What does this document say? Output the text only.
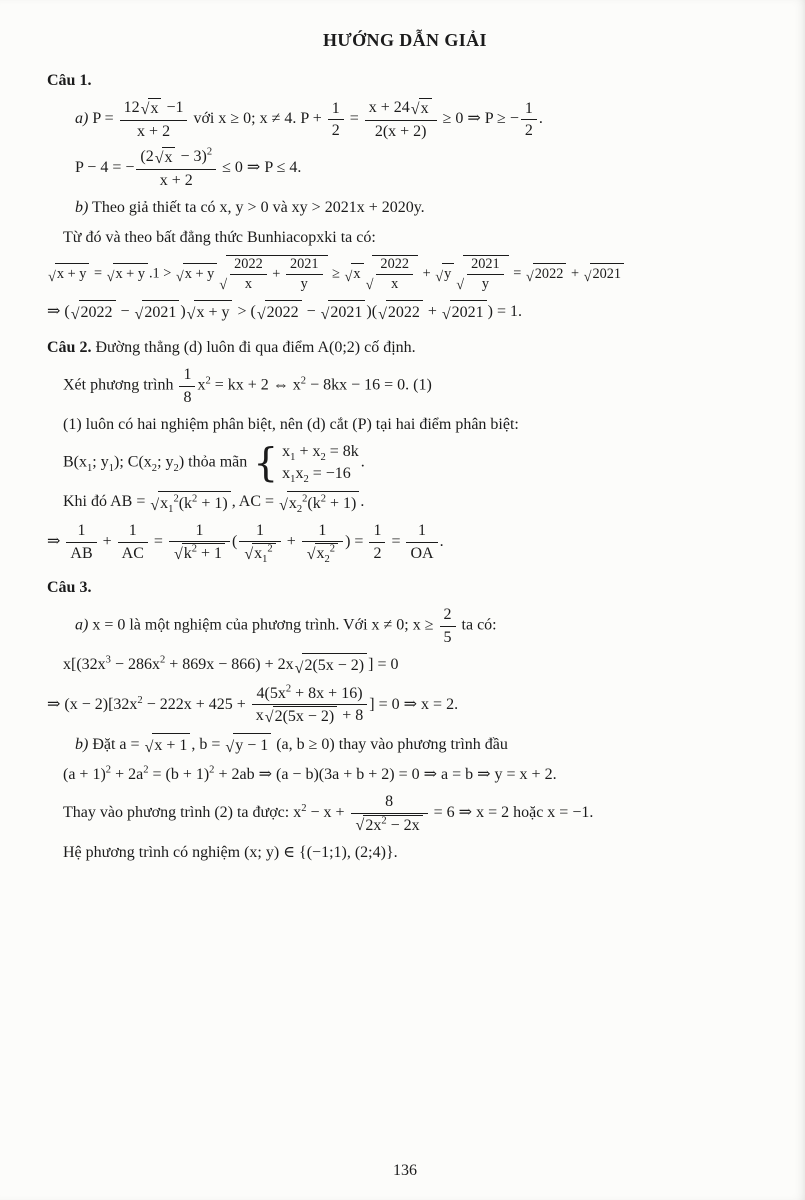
HƯỚNG DẪN GIẢI
Câu 1.
a) $P = \frac{12 √ x -1}{x + 2}$ với x ≥ 0; x ≠ 4. $P + \frac{1}{2} = \frac{x + 24 √ x}{2(x + 2)} \ge 0$ ⇒ P ≥ − $\frac{1}{2}$ .
P − 4 = − $\frac{(2 √ x - 3)^2}{x + 2} \le 0$ ⇒ P ≤ 4.
b) Theo giả thiết ta có x, y > 0 và xy > 2021x + 2020y.
Từ đó và theo bất đẳng thức Bunhiacopxki ta có:
√ x + y = √ x + y .1 > √ x + y
√ $\frac{2022}{x} + \frac{2021}{y}$ ≥ √ x
√ $\frac{2022}{x}$ + √ y
√ $\frac{2021}{y}$ = √ 2022 + √ 2021
⇒ ( √ 2022 − √ 2021 ) √ x + y > ( √ 2022 − √ 2021 )( √ 2022 + √ 2021 ) = 1.
Câu 2. Đường thẳng (d) luôn đi qua điểm A(0;2) cố định.
Xét phương trình $\frac{1}{8} x^2$ = kx + 2 ⇔ $x^2 - 8kx - 16 = 0$. (1)
(1) luôn có hai nghiệm phân biệt, nên (d) cắt (P) tại hai điểm phân biệt:
$B(x_1$; $y_1$); $C(x_2$; $y_2$) thỏa mãn { $x_1 + x_2 = 8k$
$x_1x_2 = -16$
.
Khi đó AB = √ $x_1^2(k^2 + 1)$ , AC = √ $x_2^2(k^2 + 1)$ .
⇒ $\frac{1}{AB} + \frac{1}{AC} = \frac{1}{√ k^2 + 1}$ ( $\frac{1}{√ x_1^2} + \frac{1}{√ x_2^2}$ ) = $\frac{1}{2} = \frac{1}{OA}$ .
Câu 3.
a) x = 0 là một nghiệm của phương trình. Với x ≠ 0; $x \ge \frac{2}{5}$ ta có:
$x[(32x^3 - 286x^2 + 869x - 866) + 2x$ √ 2(5x − 2) ] = 0
⇒ $(x - 2)[32x^2 - 222x + 425 + \frac{4(5x^2 + 8x + 16)}{x √ 2(5x - 2) + 8}$ ] = 0 ⇒ x = 2.
b) Đặt a = √ x + 1 , b = √ y − 1 (a, b ≥ 0) thay vào phương trình đầu
$(a + 1)^2 + 2a^2 = (b + 1)^2 + 2ab$ ⇒ (a − b)(3a + b + 2) = 0 ⇒ a = b ⇒ y = x + 2.
Thay vào phương trình (2) ta được: $x^2 - x + \frac{8}{√ 2x^2 - 2x} = 6$ ⇒ x = 2 hoặc x = −1.
Hệ phương trình có nghiệm (x; y) ∈ {(−1;1), (2;4)}.
136
